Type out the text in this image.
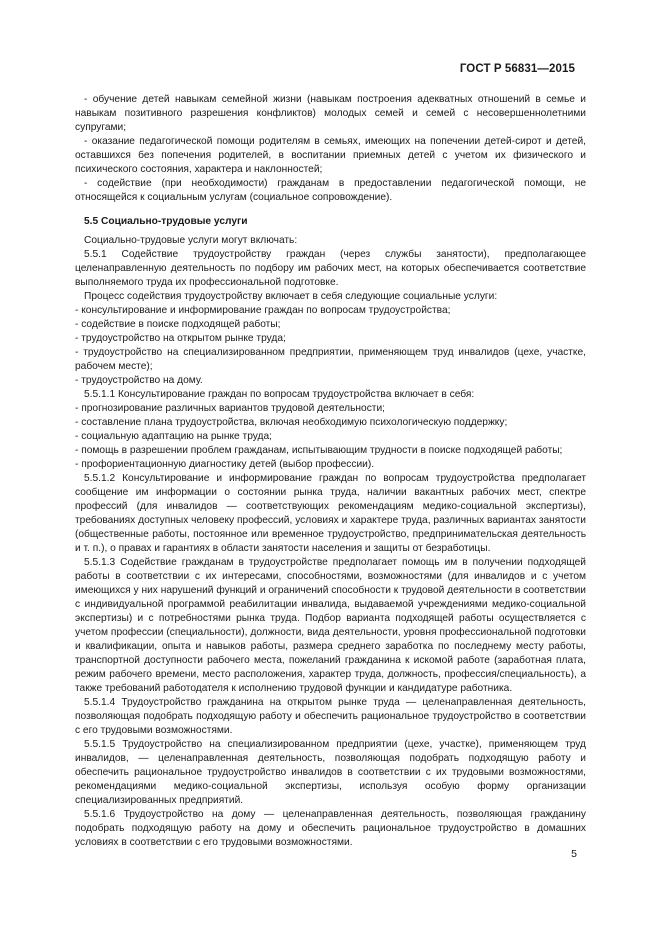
ГОСТ Р 56831—2015

- обучение детей навыкам семейной жизни (навыкам построения адекватных отношений в семье и навыкам позитивного разрешения конфликтов) молодых семей и семей с несовершеннолетними супругами;

- оказание педагогической помощи родителям в семьях, имеющих на попечении детей-сирот и детей, оставшихся без попечения родителей, в воспитании приемных детей с учетом их физического и психического состояния, характера и наклонностей;

- содействие (при необходимости) гражданам в предоставлении педагогической помощи, не относящейся к социальным услугам (социальное сопровождение).

5.5 Социально-трудовые услуги

Социально-трудовые услуги могут включать:

5.5.1 Содействие трудоустройству граждан (через службы занятости), предполагающее целенаправленную деятельность по подбору им рабочих мест, на которых обеспечивается соответствие выполняемого труда их профессиональной подготовке.

Процесс содействия трудоустройству включает в себя следующие социальные услуги:

- консультирование и информирование граждан по вопросам трудоустройства;

- содействие в поиске подходящей работы;

- трудоустройство на открытом рынке труда;

- трудоустройство на специализированном предприятии, применяющем труд инвалидов (цехе, участке, рабочем месте);

- трудоустройство на дому.

5.5.1.1 Консультирование граждан по вопросам трудоустройства включает в себя:

- прогнозирование различных вариантов трудовой деятельности;

- составление плана трудоустройства, включая необходимую психологическую поддержку;

- социальную адаптацию на рынке труда;

- помощь в разрешении проблем гражданам, испытывающим трудности в поиске подходящей работы;

- профориентационную диагностику детей (выбор профессии).

5.5.1.2 Консультирование и информирование граждан по вопросам трудоустройства предполагает сообщение им информации о состоянии рынка труда, наличии вакантных рабочих мест, спектре профессий (для инвалидов — соответствующих рекомендациям медико-социальной экспертизы), требованиях доступных человеку профессий, условиях и характере труда, различных вариантах занятости (общественные работы, постоянное или временное трудоустройство, предпринимательская деятельность и т. п.), о правах и гарантиях в области занятости населения и защиты от безработицы.

5.5.1.3 Содействие гражданам в трудоустройстве предполагает помощь им в получении подходящей работы в соответствии с их интересами, способностями, возможностями (для инвалидов и с учетом имеющихся у них нарушений функций и ограничений способности к трудовой деятельности в соответствии с индивидуальной программой реабилитации инвалида, выдаваемой учреждениями медико-социальной экспертизы) и с потребностями рынка труда. Подбор варианта подходящей работы осуществляется с учетом профессии (специальности), должности, вида деятельности, уровня профессиональной подготовки и квалификации, опыта и навыков работы, размера среднего заработка по последнему месту работы, транспортной доступности рабочего места, пожеланий гражданина к искомой работе (заработная плата, режим рабочего времени, место расположения, характер труда, должность, профессия/специальность), а также требований работодателя к исполнению трудовой функции и кандидатуре работника.

5.5.1.4 Трудоустройство гражданина на открытом рынке труда — целенаправленная деятельность, позволяющая подобрать подходящую работу и обеспечить рациональное трудоустройство в соответствии с его трудовыми возможностями.

5.5.1.5 Трудоустройство на специализированном предприятии (цехе, участке), применяющем труд инвалидов, — целенаправленная деятельность, позволяющая подобрать подходящую работу и обеспечить рациональное трудоустройство инвалидов в соответствии с их трудовыми возможностями, рекомендациями медико-социальной экспертизы, используя особую форму организации специализированных предприятий.

5.5.1.6 Трудоустройство на дому — целенаправленная деятельность, позволяющая гражданину подобрать подходящую работу на дому и обеспечить рациональное трудоустройство в домашних условиях в соответствии с его трудовыми возможностями.

5
